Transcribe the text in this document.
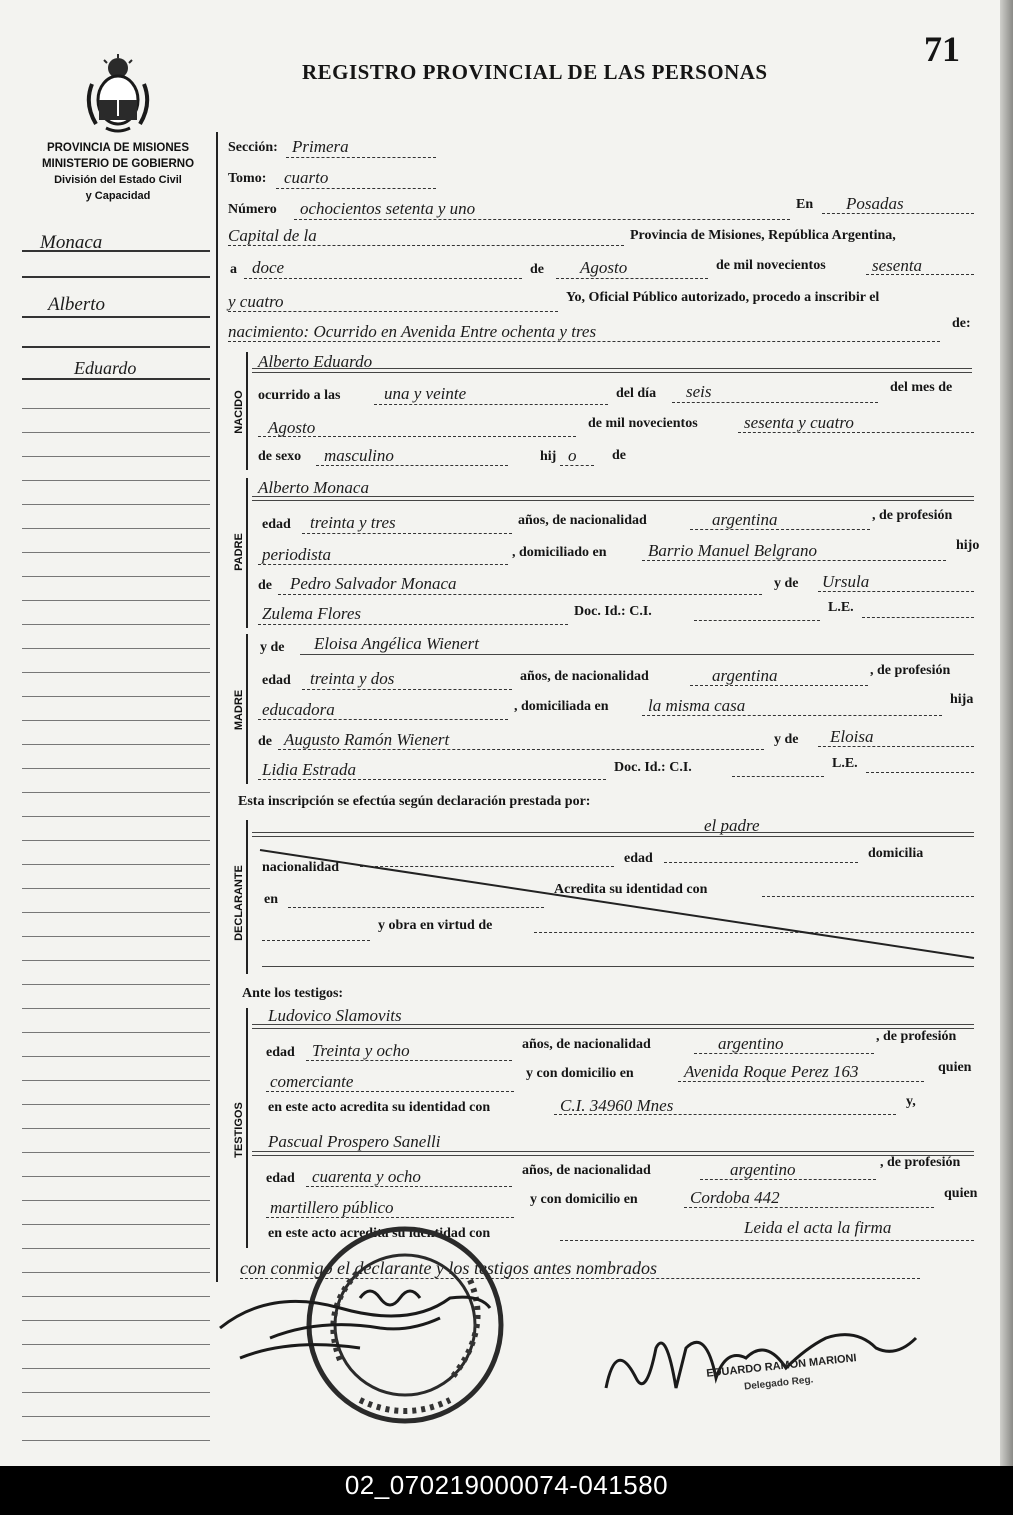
71
REGISTRO PROVINCIAL DE LAS PERSONAS
PROVINCIA DE MISIONES
MINISTERIO DE GOBIERNO
División del Estado Civil
y Capacidad
Monaca
Alberto
Eduardo
Sección: Primera
Tomo: cuarto
Número ochocientos setenta y uno	En Posadas
Capital de la	Provincia de Misiones, República Argentina,
a doce	de Agosto	de mil novecientos	sesenta
y cuatro	Yo, Oficial Público autorizado, procedo a inscribir el
nacimiento: Ocurrido en Avenida Entre ochenta y tres	de:
NACIDO
Alberto Eduardo
ocurrido a las	una y veinte	del día seis	del mes de
Agosto	de mil novecientos	sesenta y cuatro
de sexo masculino	hij o	de
PADRE
Alberto Monaca
edad treinta y tres	años, de nacionalidad	argentina	, de profesión
periodista	, domiciliado en Barrio Manuel Belgrano	hijo
de Pedro Salvador Monaca	y de Ursula
Zulema Flores	Doc. Id.: C.I.	L.E.
MADRE
y de Eloisa Angélica Wienert
edad treinta y dos	años, de nacionalidad	argentina	, de profesión
educadora	, domiciliada en la misma casa	hija
de Augusto Ramón Wienert	y de Eloisa
Lidia Estrada	Doc. Id.: C.I.	L.E.
Esta inscripción se efectúa según declaración prestada por:
DECLARANTE
el padre
nacionalidad
edad	domicilia
en
Acredita su identidad con
y obra en virtud de
Ante los testigos:
TESTIGOS
Ludovico Slamovits
edad Treinta y ocho	años, de nacionalidad	argentino	, de profesión
comerciante	y con domicilio en	Avenida Roque Perez 163	quien
en este acto acredita su identidad con	C.I. 34960 Mnes	y,
Pascual Prospero Sanelli
edad cuarenta y ocho	años, de nacionalidad	argentino	, de profesión
martillero público	y con domicilio en	Cordoba 442	quien
en este acto acredita su identidad con	Leida el acta la firma
con conmigo el declarante y los testigos antes nombrados
EDUARDO RAMON MARIONI
Delegado Reg.
02_070219000074-041580
